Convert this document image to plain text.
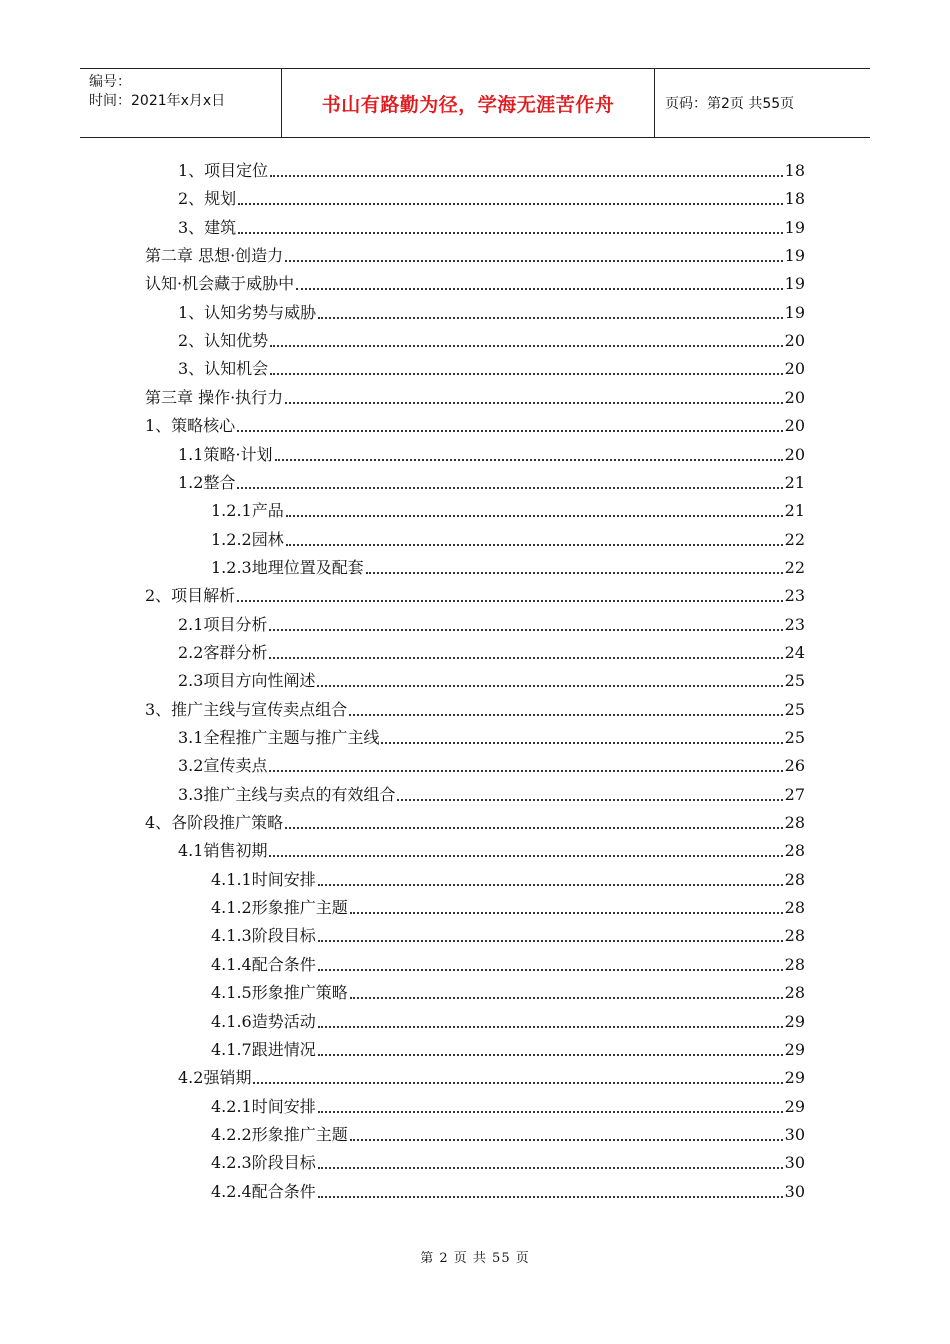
编号：
时间：2021年x月x日	书山有路勤为径，学海无涯苦作舟	页码：第2页 共55页
1、项目定位	18
2、规划	18
3、建筑	19
第二章 思想·创造力	19
认知·机会藏于威胁中	19
1、认知劣势与威胁	19
2、认知优势	20
3、认知机会	20
第三章 操作·执行力	20
1、策略核心	20
1.1策略·计划	20
1.2整合	21
1.2.1产品	21
1.2.2园林	22
1.2.3地理位置及配套	22
2、项目解析	23
2.1项目分析	23
2.2客群分析	24
2.3项目方向性阐述	25
3、推广主线与宣传卖点组合	25
3.1全程推广主题与推广主线	25
3.2宣传卖点	26
3.3推广主线与卖点的有效组合	27
4、各阶段推广策略	28
4.1销售初期	28
4.1.1时间安排	28
4.1.2形象推广主题	28
4.1.3阶段目标	28
4.1.4配合条件	28
4.1.5形象推广策略	28
4.1.6造势活动	29
4.1.7跟进情况	29
4.2强销期	29
4.2.1时间安排	29
4.2.2形象推广主题	30
4.2.3阶段目标	30
4.2.4配合条件	30
第 2 页 共 55 页
